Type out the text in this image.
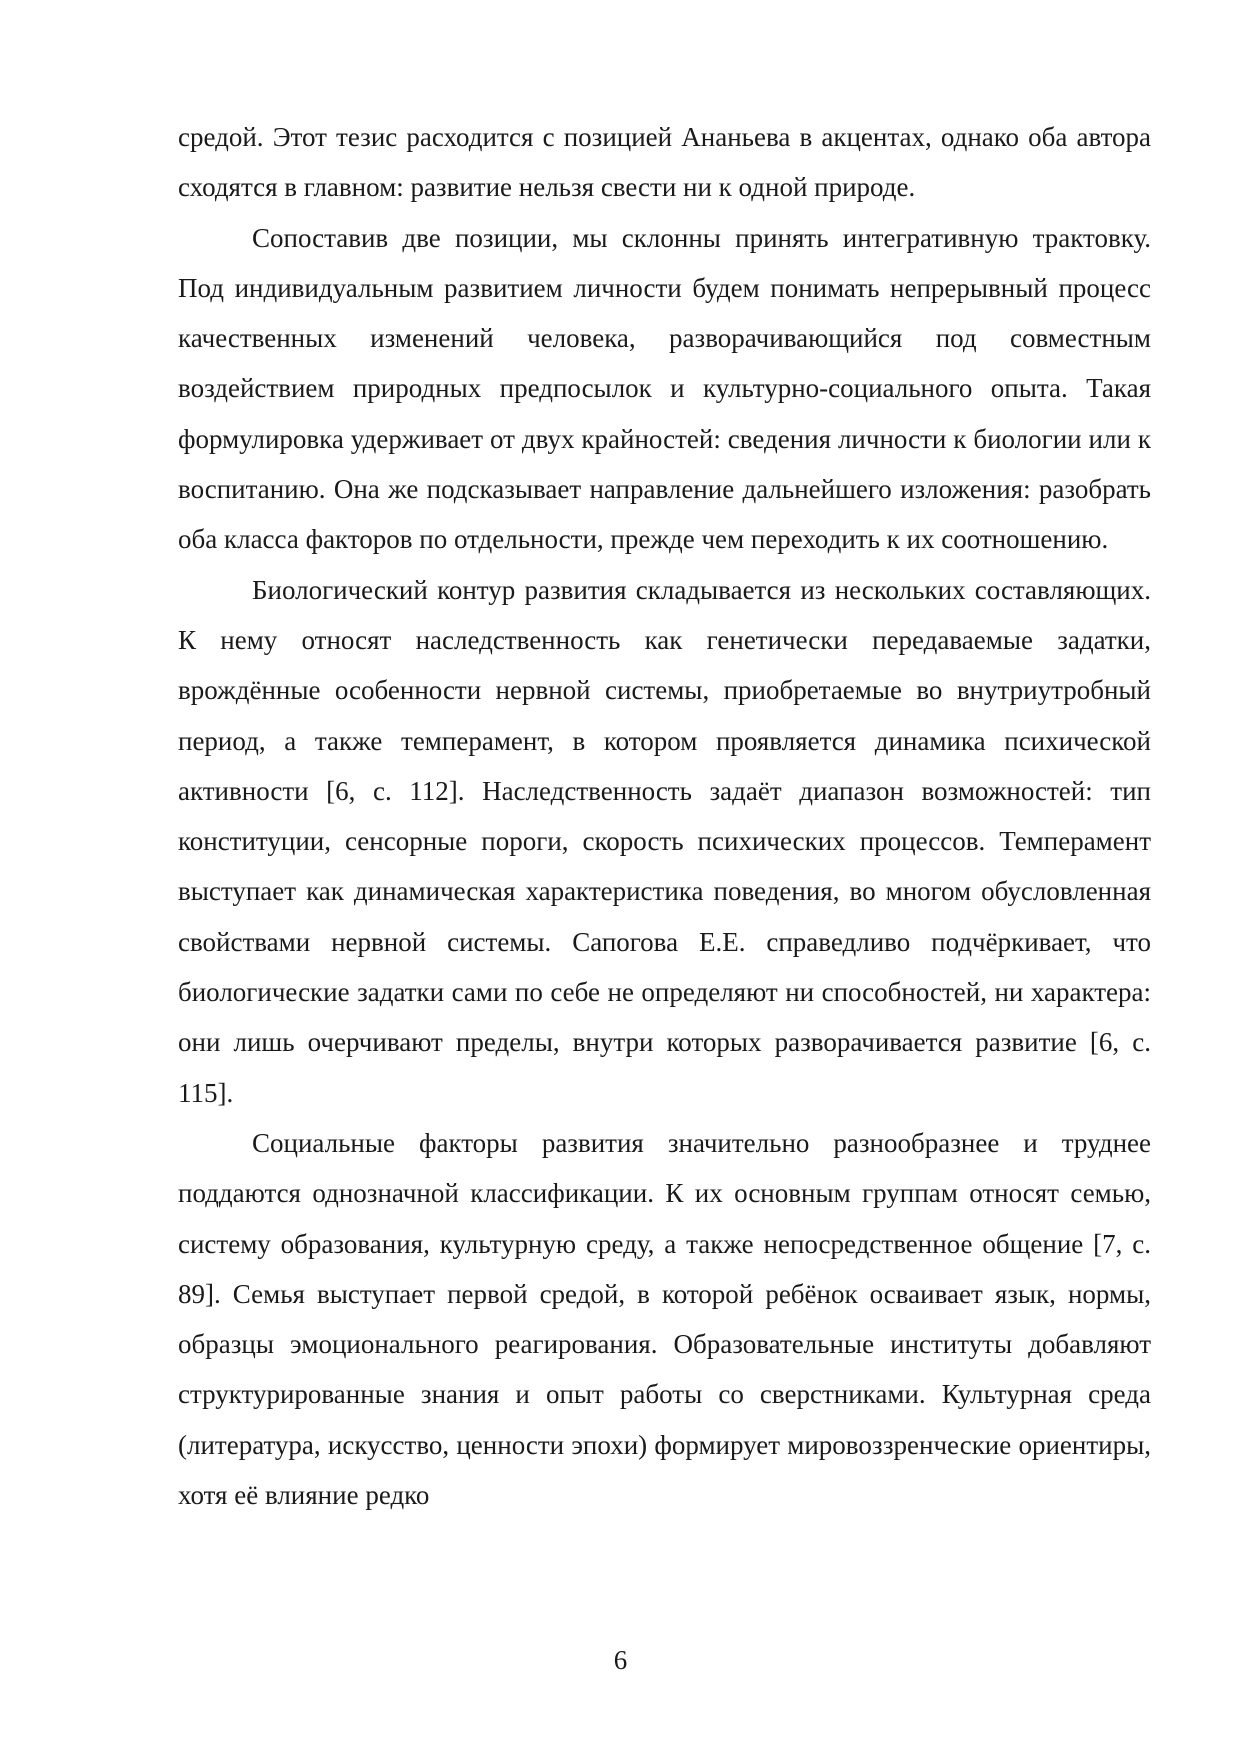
средой. Этот тезис расходится с позицией Ананьева в акцентах, однако оба автора сходятся в главном: развитие нельзя свести ни к одной природе.

Сопоставив две позиции, мы склонны принять интегративную трактовку. Под индивидуальным развитием личности будем понимать непрерывный процесс качественных изменений человека, разворачивающийся под совместным воздействием природных предпосылок и культурно-социального опыта. Такая формулировка удерживает от двух крайностей: сведения личности к биологии или к воспитанию. Она же подсказывает направление дальнейшего изложения: разобрать оба класса факторов по отдельности, прежде чем переходить к их соотношению.

Биологический контур развития складывается из нескольких составляющих. К нему относят наследственность как генетически передаваемые задатки, врождённые особенности нервной системы, приобретаемые во внутриутробный период, а также темперамент, в котором проявляется динамика психической активности [6, с. 112]. Наследственность задаёт диапазон возможностей: тип конституции, сенсорные пороги, скорость психических процессов. Темперамент выступает как динамическая характеристика поведения, во многом обусловленная свойствами нервной системы. Сапогова Е.Е. справедливо подчёркивает, что биологические задатки сами по себе не определяют ни способностей, ни характера: они лишь очерчивают пределы, внутри которых разворачивается развитие [6, с. 115].

Социальные факторы развития значительно разнообразнее и труднее поддаются однозначной классификации. К их основным группам относят семью, систему образования, культурную среду, а также непосредственное общение [7, с. 89]. Семья выступает первой средой, в которой ребёнок осваивает язык, нормы, образцы эмоционального реагирования. Образовательные институты добавляют структурированные знания и опыт работы со сверстниками. Культурная среда (литература, искусство, ценности эпохи) формирует мировоззренческие ориентиры, хотя её влияние редко

6
